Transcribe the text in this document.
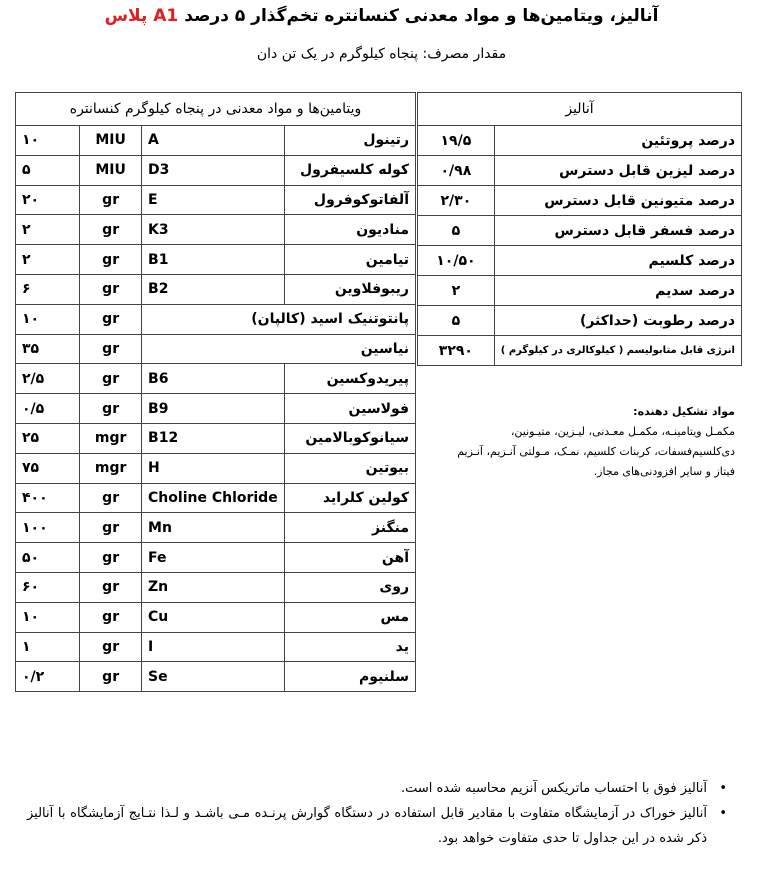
آنالیز، ویتامین‌ها و مواد معدنی کنسانتره تخم‌گذار ۵ درصد A1 پلاس
مقدار مصرف: پنجاه کیلوگرم در یک تن دان
آنالیز	
۱۹/۵	درصد پروتئین
۰/۹۸	درصد لیزین قابل دسترس
۲/۳۰	درصد متیونین قابل دسترس
۵	درصد فسفر قابل دسترس
۱۰/۵۰	درصد کلسیم
۲	درصد سدیم
۵	درصد رطوبت (حداکثر)
۳۲۹۰	انرژی قابل متابولیسم ( کیلوکالری در کیلوگرم )
ویتامین‌ها و مواد معدنی در پنجاه کیلوگرم کنسانتره			
۱۰	MIU	A	رتینول
۵	MIU	D3	کوله کلسیفرول
۲۰	gr	E	آلفاتوکوفرول
۲	gr	K3	منادیون
۲	gr	B1	تیامین
۶	gr	B2	ریبوفلاوین
۱۰	gr	پانتوتنیک اسید (کالپان)	
۳۵	gr	نیاسین	
۲/۵	gr	B6	پیریدوکسین
۰/۵	gr	B9	فولاسین
۲۵	mgr	B12	سیانوکوبالامین
۷۵	mgr	H	بیوتین
۴۰۰	gr	Choline Chloride	کولین کلراید
۱۰۰	gr	Mn	منگنز
۵۰	gr	Fe	آهن
۶۰	gr	Zn	روی
۱۰	gr	Cu	مس
۱	gr	I	ید
۰/۲	gr	Se	سلنیوم
مواد تشکیل دهنده:
مکمـل ویتامینـه، مکمـل معـدنی، لیـزین، متیـونین،
دی‌کلسیم‌فسفات، کربنات کلسیم، نمـک، مـولتی آنـزیم، آنـزیم
فیتاز و سایر افزودنی‌های مجاز.
•
آنالیز فوق با احتساب ماتریکس آنزیم محاسبه شده است.
•
آنالیز خوراک در آزمایشگاه متفاوت با مقادیر قابل استفاده در دستگاه گوارش پرنـده مـی باشـد و لـذا نتـایج آزمایشگاه با آنالیز ذکر شده در این جداول تا حدی متفاوت خواهد بود.
